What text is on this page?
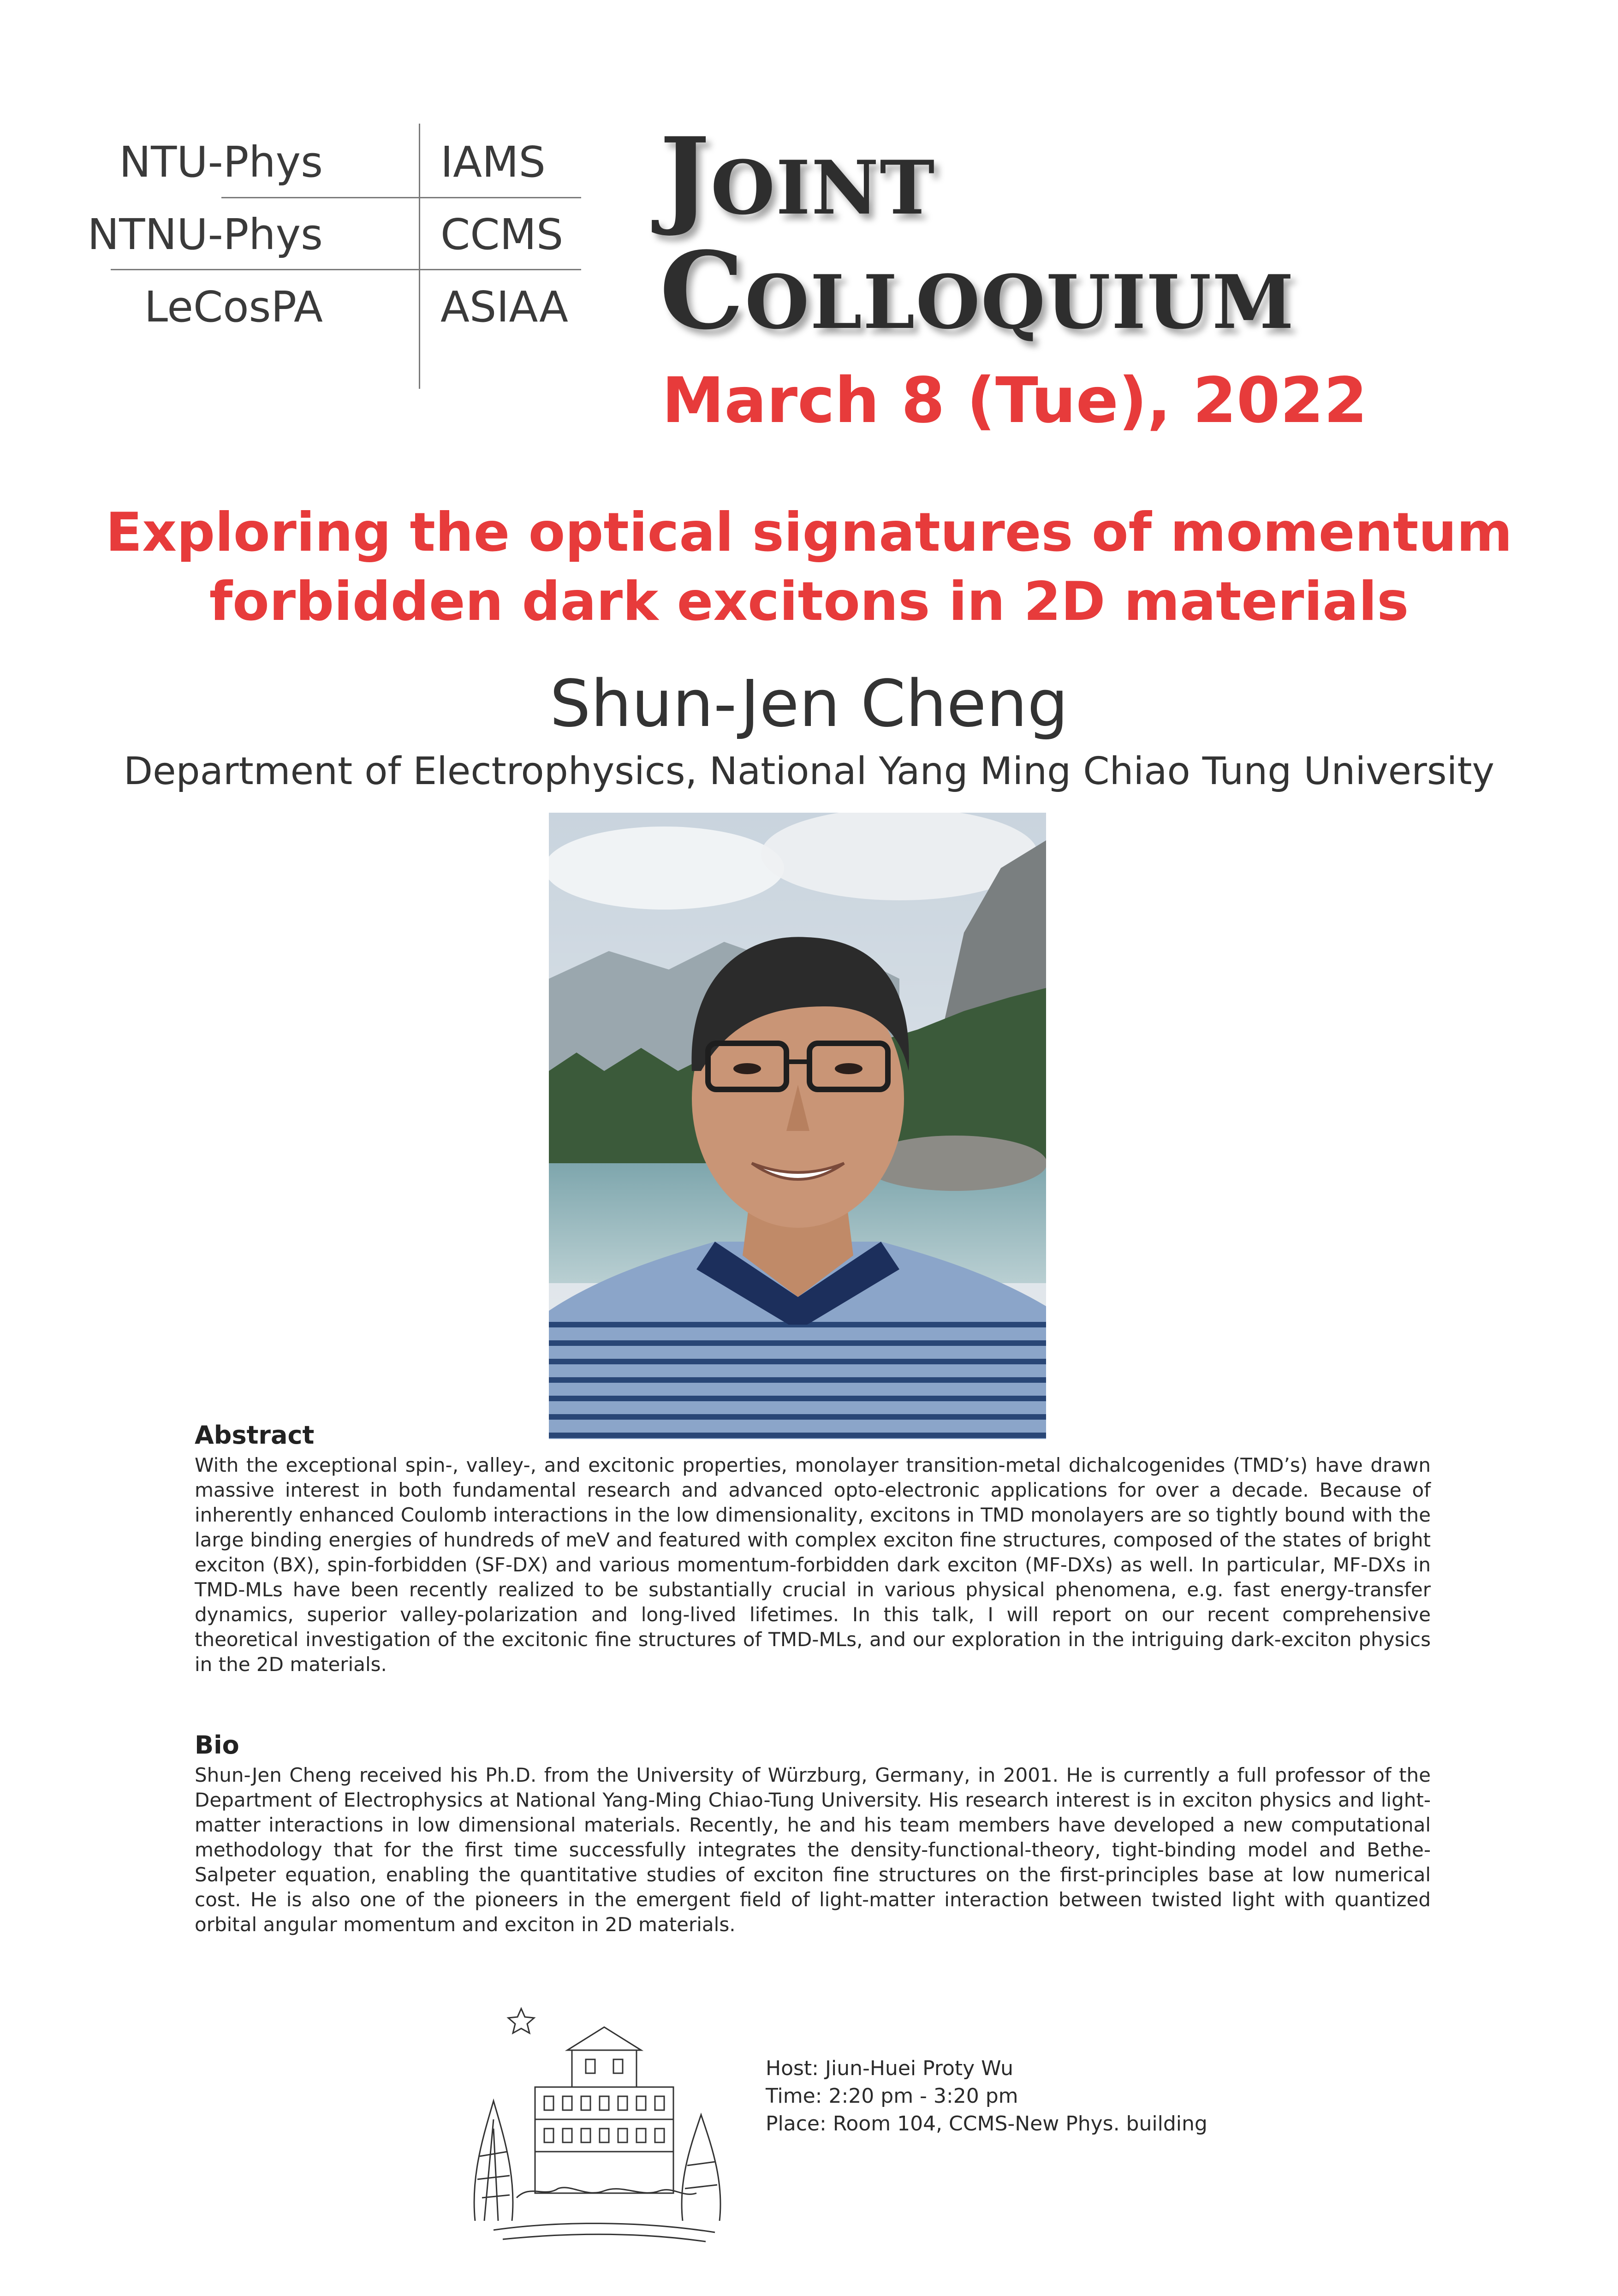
NTU-Phys	IAMS
NTNU-Phys	CCMS
LeCosPA	ASIAA
JOINT
COLLOQUIUM
March 8 (Tue), 2022
Exploring the optical signatures of momentum
forbidden dark excitons in 2D materials
Shun-Jen Cheng
Department of Electrophysics, National Yang Ming Chiao Tung University
Abstract
With the exceptional spin-, valley-, and excitonic properties, monolayer transition-metal dichalcogenides (TMD’s) have drawn massive interest in both fundamental research and advanced opto-electronic applications for over a decade. Because of inherently enhanced Coulomb interactions in the low dimensionality, excitons in TMD monolayers are so tightly bound with the large binding energies of hundreds of meV and featured with complex exciton fine structures, composed of the states of bright exciton (BX), spin-forbidden (SF-DX) and various momentum-forbidden dark exciton (MF-DXs) as well. In particular, MF-DXs in TMD-MLs have been recently realized to be substantially crucial in various physical phenomena, e.g. fast energy-transfer dynamics, superior valley-polarization and long-lived lifetimes. In this talk, I will report on our recent comprehensive theoretical investigation of the excitonic fine structures of TMD-MLs, and our exploration in the intriguing dark-exciton physics in the 2D materials.
Bio
Shun-Jen Cheng received his Ph.D. from the University of Würzburg, Germany, in 2001. He is currently a full professor of the Department of Electrophysics at National Yang-Ming Chiao-Tung University. His research interest is in exciton physics and light-matter interactions in low dimensional materials. Recently, he and his team members have developed a new computational methodology that for the first time successfully integrates the density-functional-theory, tight-binding model and Bethe-Salpeter equation, enabling the quantitative studies of exciton fine structures on the first-principles base at low numerical cost. He is also one of the pioneers in the emergent field of light-matter interaction between twisted light with quantized orbital angular momentum and exciton in 2D materials.
Host: Jiun-Huei Proty Wu
Time: 2:20 pm - 3:20 pm
Place: Room 104, CCMS-New Phys. building
